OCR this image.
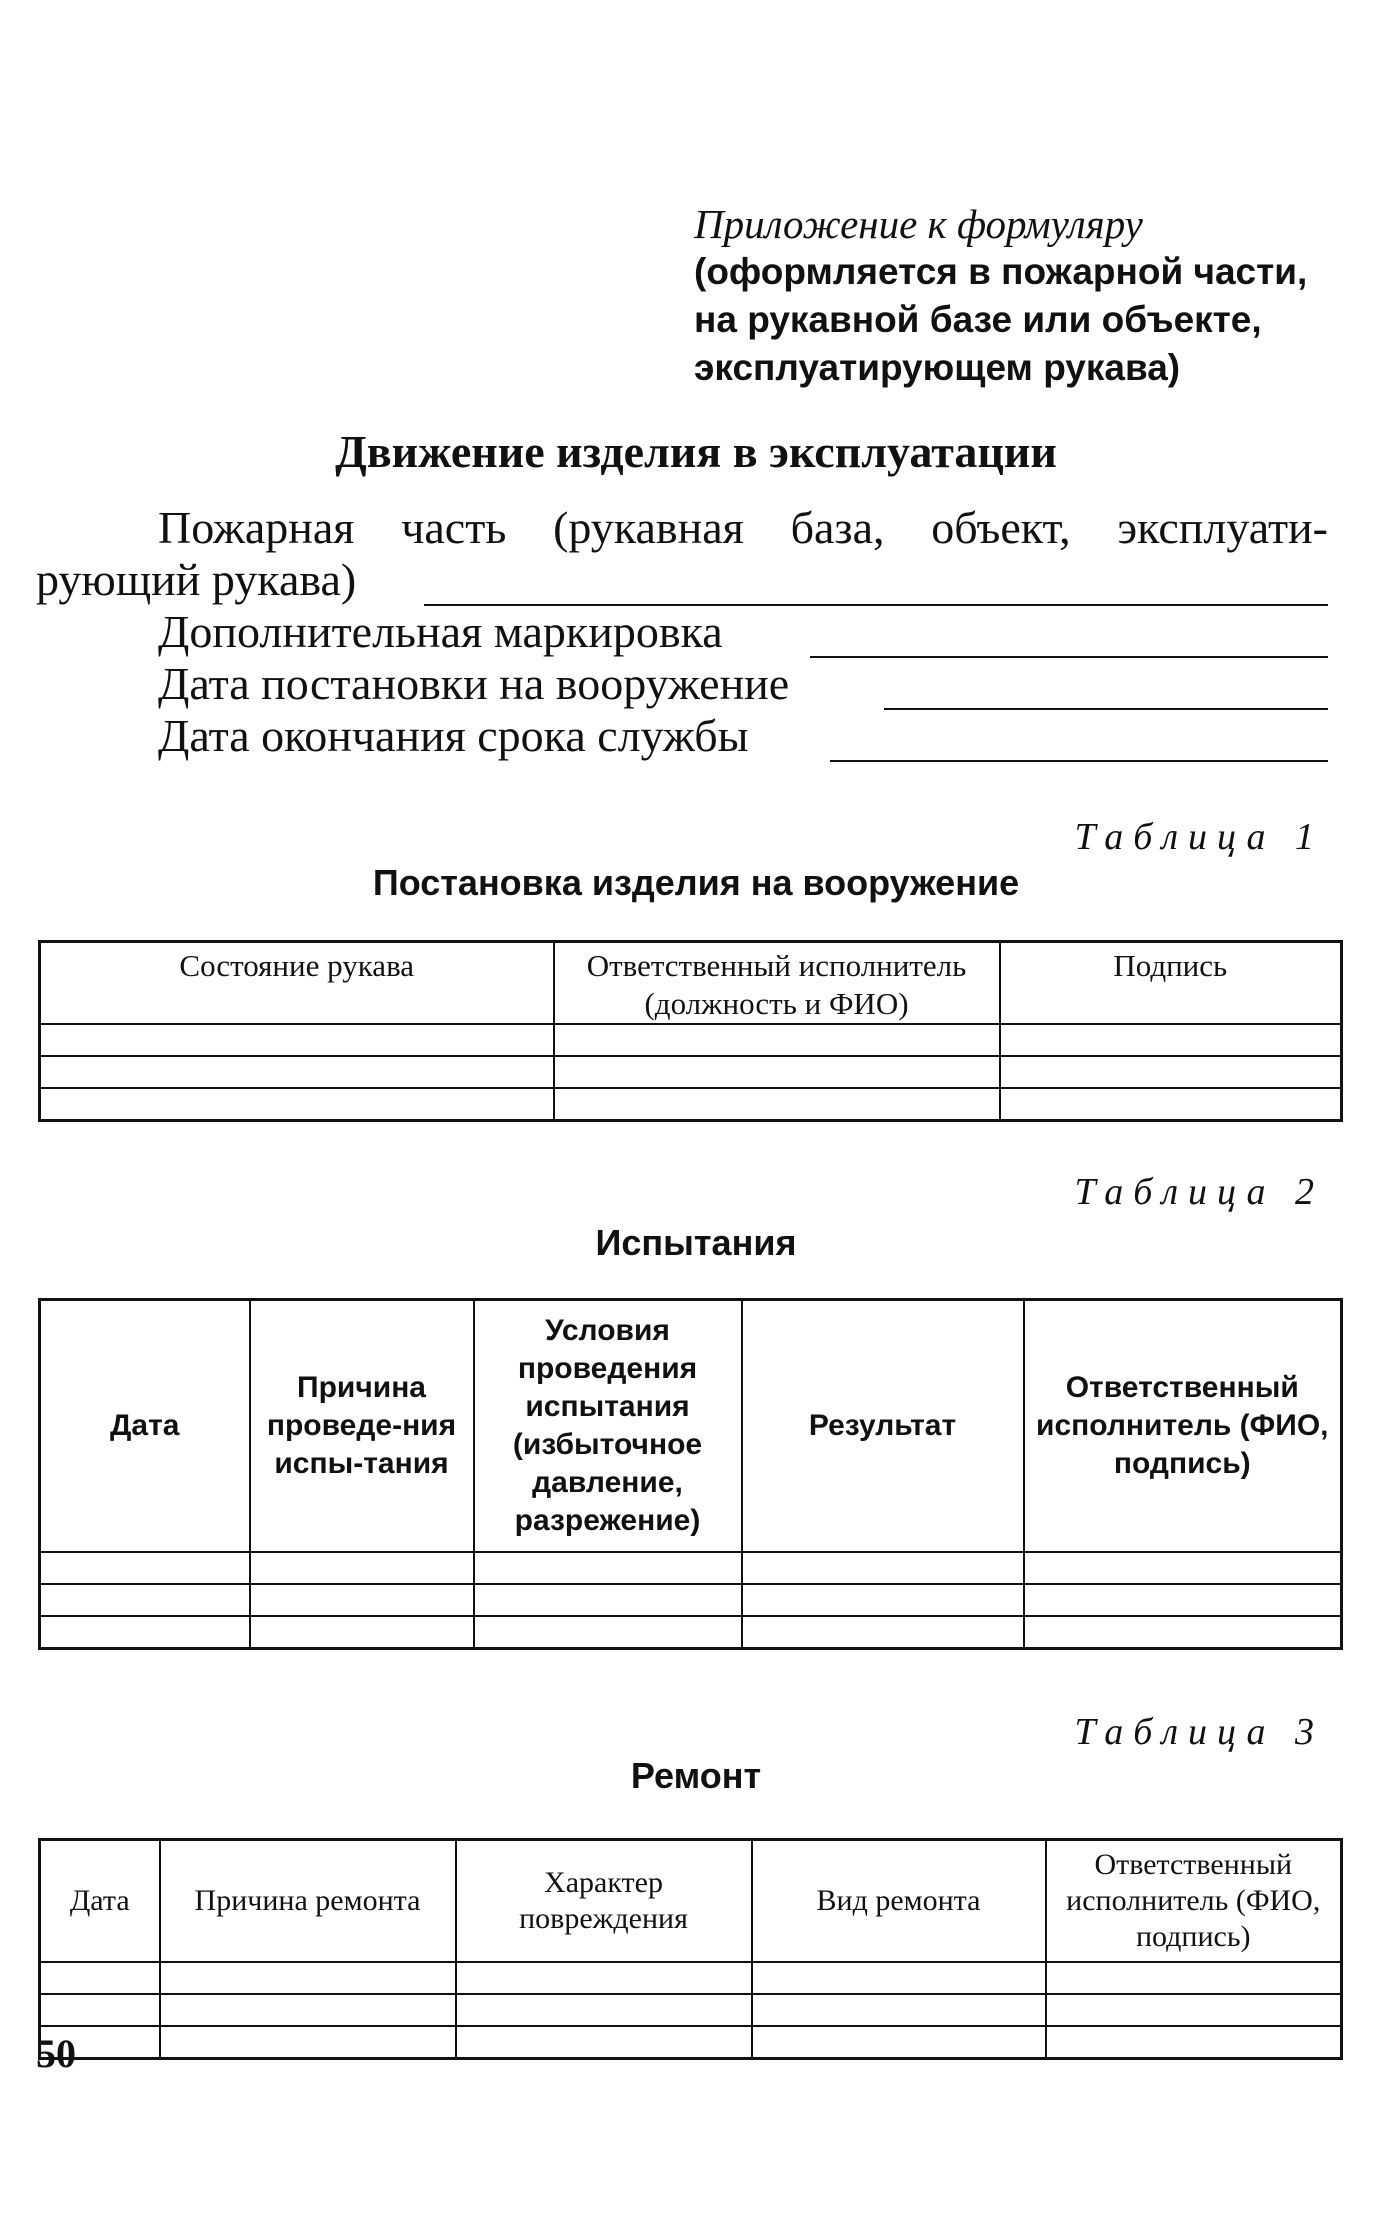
Приложение к формуляру
(оформляется в пожарной части,
на рукавной базе или объекте,
эксплуатирующем рукава)
Движение изделия в эксплуатации
Пожарная часть (рукавная база, объект, эксплуати-
рующий рукава)
Дополнительная маркировка
Дата постановки на вооружение
Дата окончания срока службы
Таблица 1
Постановка изделия на вооружение
Состояние рукава	Ответственный исполнитель (должность и ФИО)	Подпись

Таблица 2
Испытания
Дата	Причина проведе-ния испы-тания	Условия проведения испытания (избыточное давление, разрежение)	Результат	Ответственный исполнитель (ФИО, подпись)

Таблица 3
Ремонт
Дата	Причина ремонта	Характер повреждения	Вид ремонта	Ответственный исполнитель (ФИО, подпись)

50
